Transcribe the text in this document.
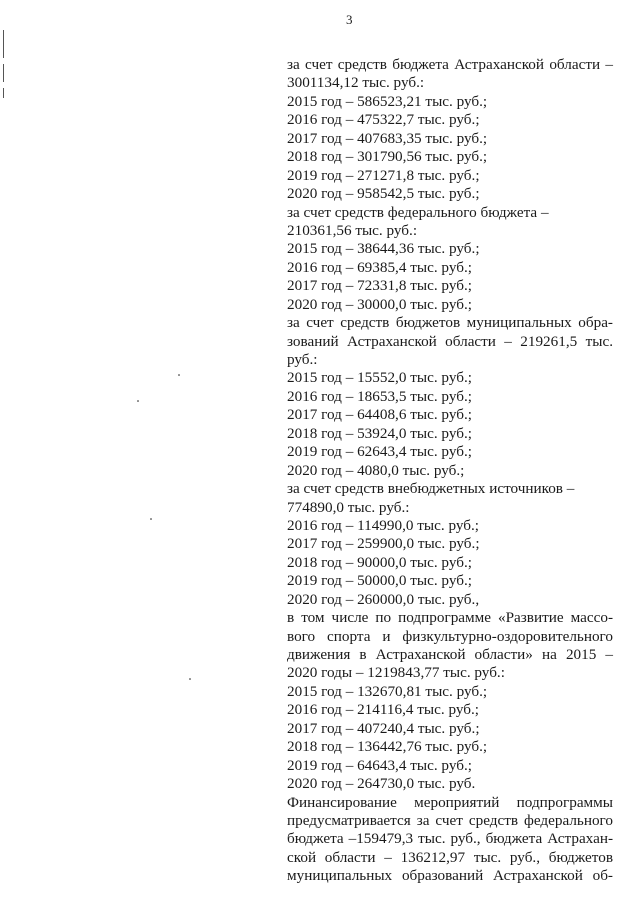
3
за счет средств бюджета Астраханской области –
3001134,12 тыс. руб.:
2015 год – 586523,21 тыс. руб.;
2016 год – 475322,7 тыс. руб.;
2017 год – 407683,35 тыс. руб.;
2018 год – 301790,56 тыс. руб.;
2019 год – 271271,8 тыс. руб.;
2020 год – 958542,5 тыс. руб.;
за счет средств федерального бюджета –
210361,56 тыс. руб.:
2015 год – 38644,36 тыс. руб.;
2016 год – 69385,4 тыс. руб.;
2017 год – 72331,8 тыс. руб.;
2020 год – 30000,0 тыс. руб.;
за счет средств бюджетов муниципальных обра-
зований Астраханской области – 219261,5 тыс.
руб.:
2015 год – 15552,0 тыс. руб.;
2016 год – 18653,5 тыс. руб.;
2017 год – 64408,6 тыс. руб.;
2018 год – 53924,0 тыс. руб.;
2019 год – 62643,4 тыс. руб.;
2020 год – 4080,0 тыс. руб.;
за счет средств внебюджетных источников –
774890,0 тыс. руб.:
2016 год – 114990,0 тыс. руб.;
2017 год – 259900,0 тыс. руб.;
2018 год – 90000,0 тыс. руб.;
2019 год – 50000,0 тыс. руб.;
2020 год – 260000,0 тыс. руб.,
в том числе по подпрограмме «Развитие массо-
вого спорта и физкультурно-оздоровительного
движения в Астраханской области» на 2015 –
2020 годы – 1219843,77 тыс. руб.:
2015 год – 132670,81 тыс. руб.;
2016 год – 214116,4 тыс. руб.;
2017 год – 407240,4 тыс. руб.;
2018 год – 136442,76 тыс. руб.;
2019 год – 64643,4 тыс. руб.;
2020 год – 264730,0 тыс. руб.
Финансирование мероприятий подпрограммы
предусматривается за счет средств федерального
бюджета –159479,3 тыс. руб., бюджета Астрахан-
ской области – 136212,97 тыс. руб., бюджетов
муниципальных образований Астраханской об-
